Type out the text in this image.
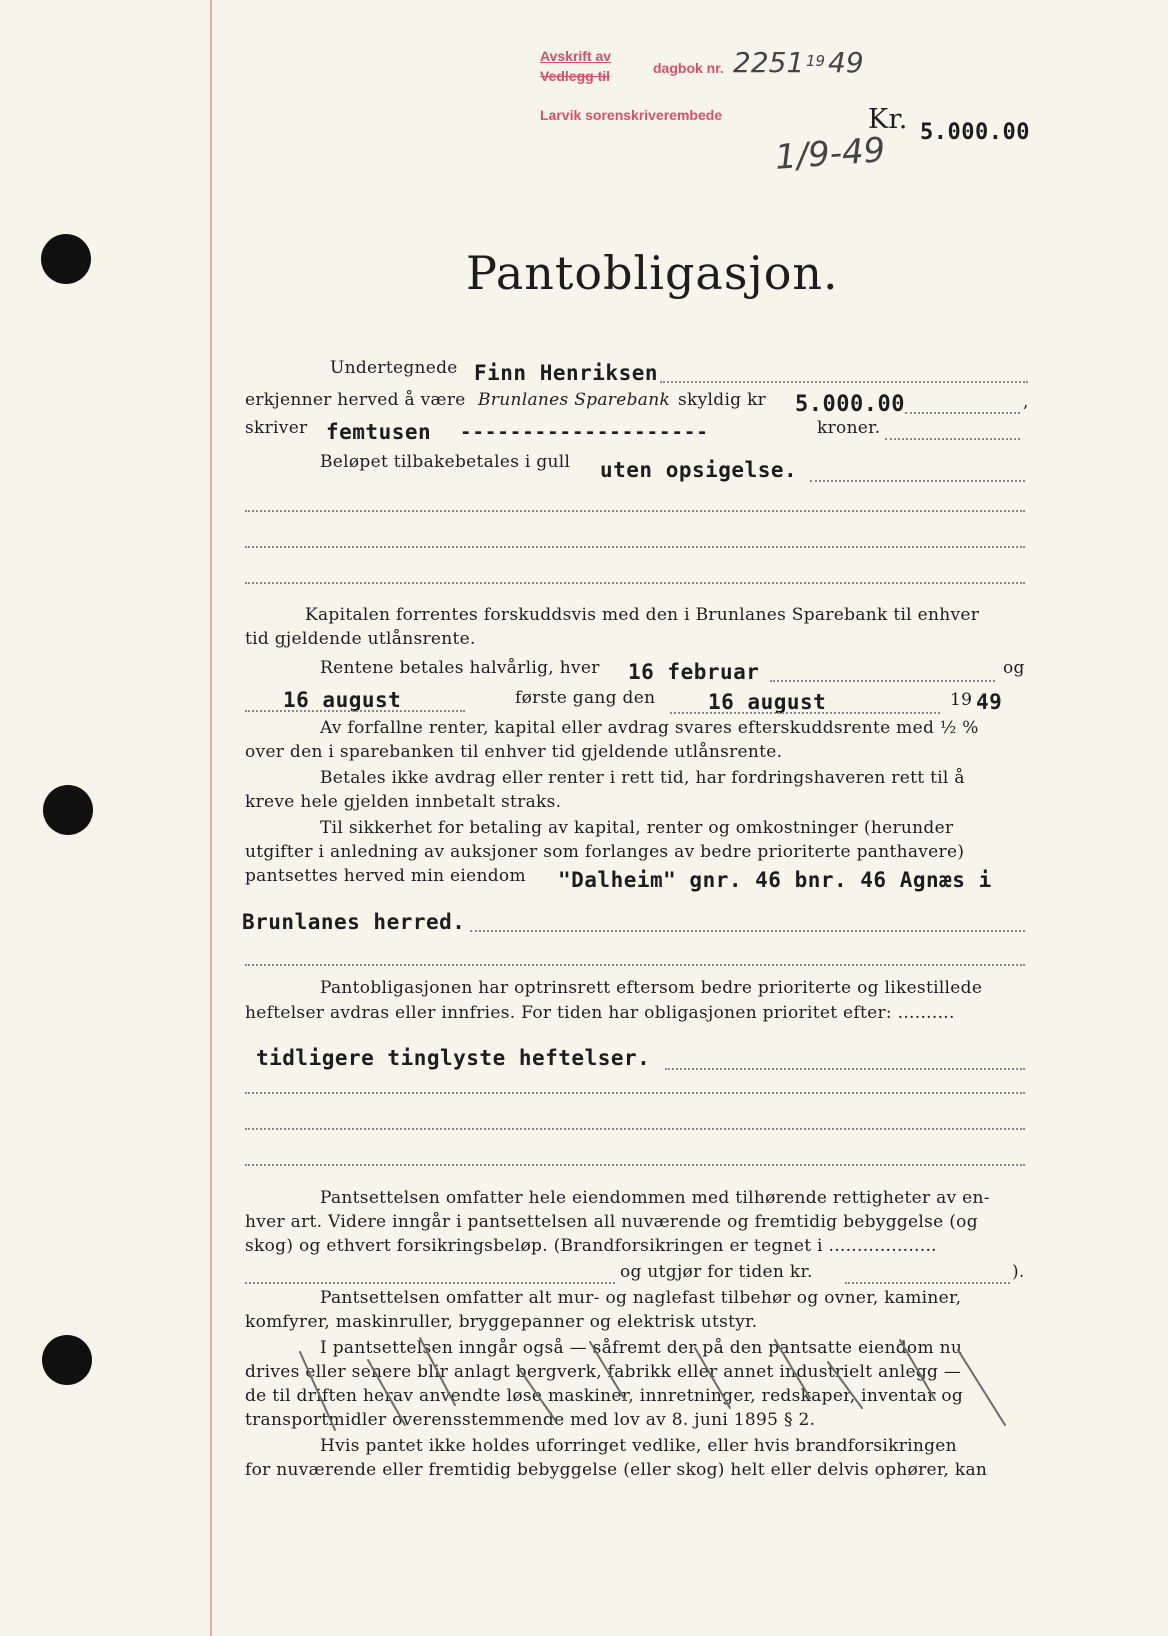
Avskrift av
Vedlegg til
Larvik sorenskriverembede
dagbok nr. 2251 19 49
1/9-49
Kr. 5.000.00
Pantobligasjon.
Undertegnede Finn Henriksen
erkjenner herved å være Brunlanes Sparebank skyldig kr 5.000.00	,
skriver femtusen --------------------	kroner.
Beløpet tilbakebetales i gull uten opsigelse.
Kapitalen forrentes forskuddsvis med den i Brunlanes Sparebank til enhver
tid gjeldende utlånsrente.
Rentene betales halvårlig, hver 16 februar	og
16 august	første gang den	16 august	19 49
Av forfallne renter, kapital eller avdrag svares efterskuddsrente med ½ %
over den i sparebanken til enhver tid gjeldende utlånsrente.
Betales ikke avdrag eller renter i rett tid, har fordringshaveren rett til å
kreve hele gjelden innbetalt straks.
Til sikkerhet for betaling av kapital, renter og omkostninger (herunder
utgifter i anledning av auksjoner som forlanges av bedre prioriterte panthavere)
pantsettes herved min eiendom "Dalheim" gnr. 46 bnr. 46 Agnæs i
Brunlanes herred.
Pantobligasjonen har optrinsrett eftersom bedre prioriterte og likestillede
heftelser avdras eller innfries. For tiden har obligasjonen prioritet efter: ..........
tidligere tinglyste heftelser.
Pantsettelsen omfatter hele eiendommen med tilhørende rettigheter av en-
hver art. Videre inngår i pantsettelsen all nuværende og fremtidig bebyggelse (og
skog) og ethvert forsikringsbeløp. (Brandforsikringen er tegnet i ...................
og utgjør for tiden kr.	).
Pantsettelsen omfatter alt mur- og naglefast tilbehør og ovner, kaminer,
komfyrer, maskinruller, bryggepanner og elektrisk utstyr.
I pantsettelsen inngår også — såfremt der på den pantsatte eiendom nu
drives eller senere blir anlagt bergverk, fabrikk eller annet industrielt anlegg —
de til driften herav anvendte løse maskiner, innretninger, redskaper, inventar og
transportmidler overensstemmende med lov av 8. juni 1895 § 2.
Hvis pantet ikke holdes uforringet vedlike, eller hvis brandforsikringen
for nuværende eller fremtidig bebyggelse (eller skog) helt eller delvis ophører, kan
